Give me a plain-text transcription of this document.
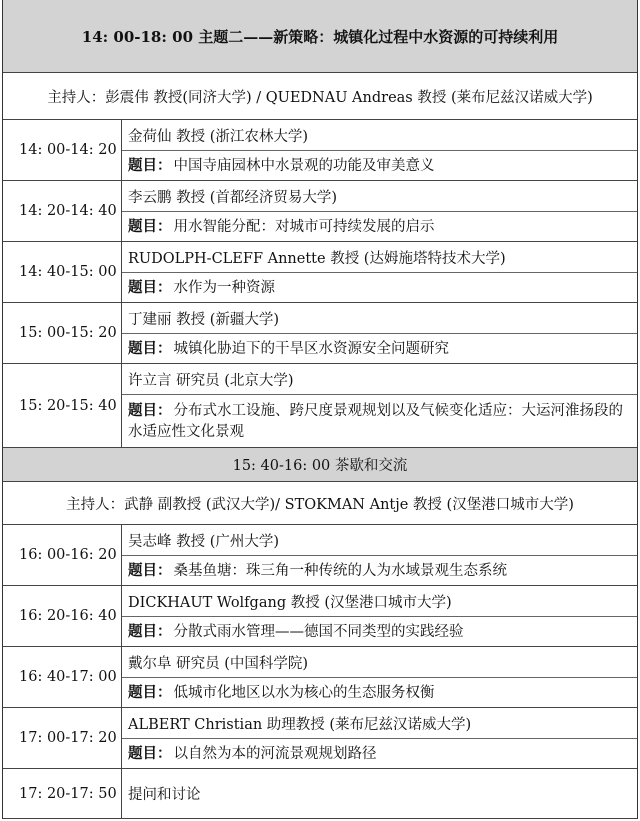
14: 00-18: 00 主题二——新策略：城镇化过程中水资源的可持续利用
主持人：彭震伟 教授(同济大学) / QUEDNAU Andreas 教授 (莱布尼兹汉诺威大学)
14: 00-14: 20
金荷仙 教授 (浙江农林大学)
题目： 中国寺庙园林中水景观的功能及审美意义
14: 20-14: 40
李云鹏 教授 (首都经济贸易大学)
题目： 用水智能分配：对城市可持续发展的启示
14: 40-15: 00
RUDOLPH-CLEFF Annette 教授 (达姆施塔特技术大学)
题目： 水作为一种资源
15: 00-15: 20
丁建丽 教授 (新疆大学)
题目： 城镇化胁迫下的干旱区水资源安全问题研究
15: 20-15: 40
许立言 研究员 (北京大学)
题目： 分布式水工设施、跨尺度景观规划以及气候变化适应：大运河淮扬段的水适应性文化景观
15: 40-16: 00 茶歇和交流
主持人：武静 副教授 (武汉大学)/ STOKMAN Antje 教授 (汉堡港口城市大学)
16: 00-16: 20
吴志峰 教授 (广州大学)
题目： 桑基鱼塘：珠三角一种传统的人为水域景观生态系统
16: 20-16: 40
DICKHAUT Wolfgang 教授 (汉堡港口城市大学)
题目： 分散式雨水管理——德国不同类型的实践经验
16: 40-17: 00
戴尔阜 研究员 (中国科学院)
题目： 低城市化地区以水为核心的生态服务权衡
17: 00-17: 20
ALBERT Christian 助理教授 (莱布尼兹汉诺威大学)
题目： 以自然为本的河流景观规划路径
17: 20-17: 50 提问和讨论
